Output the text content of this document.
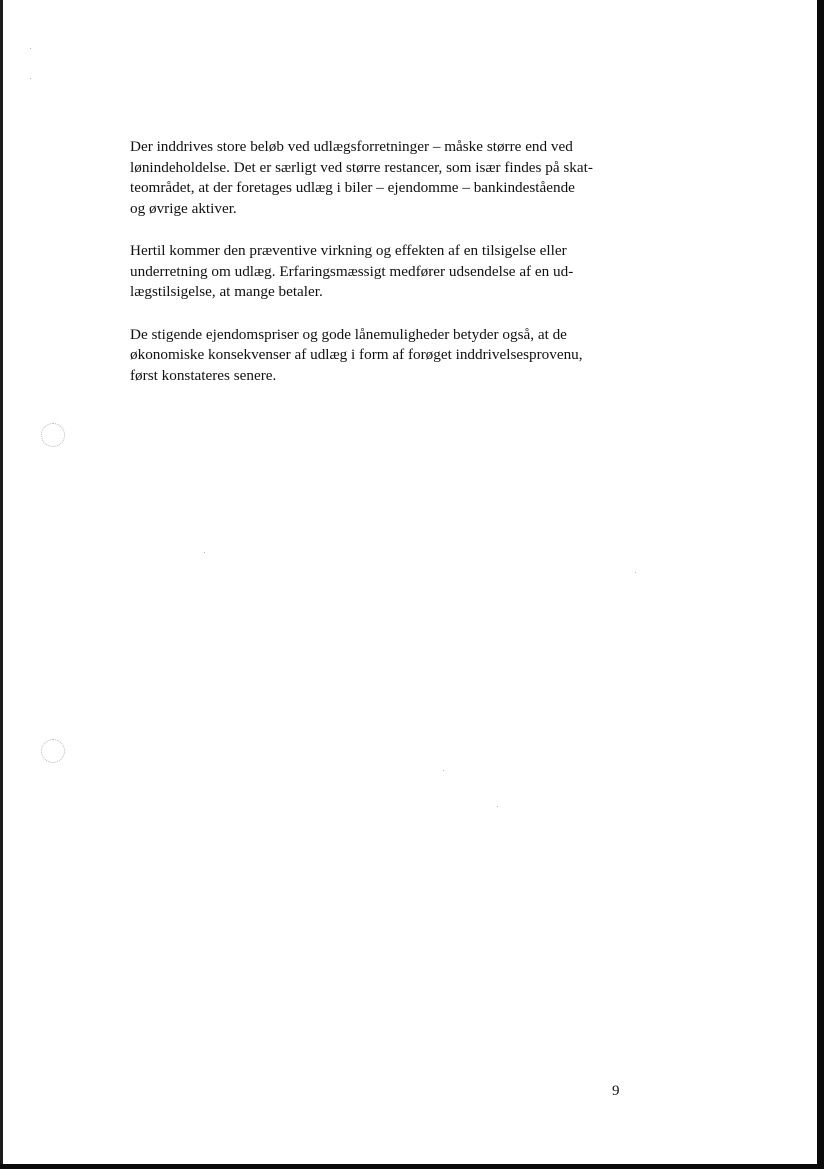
Der inddrives store beløb ved udlægsforretninger – måske større end ved
lønindeholdelse. Det er særligt ved større restancer, som især findes på skat-
teområdet, at der foretages udlæg i biler – ejendomme – bankindestående
og øvrige aktiver.

Hertil kommer den præventive virkning og effekten af en tilsigelse eller
underretning om udlæg. Erfaringsmæssigt medfører udsendelse af en ud-
lægstilsigelse, at mange betaler.

De stigende ejendomspriser og gode lånemuligheder betyder også, at de
økonomiske konsekvenser af udlæg i form af forøget inddrivelsesprovenu,
først konstateres senere.

9
